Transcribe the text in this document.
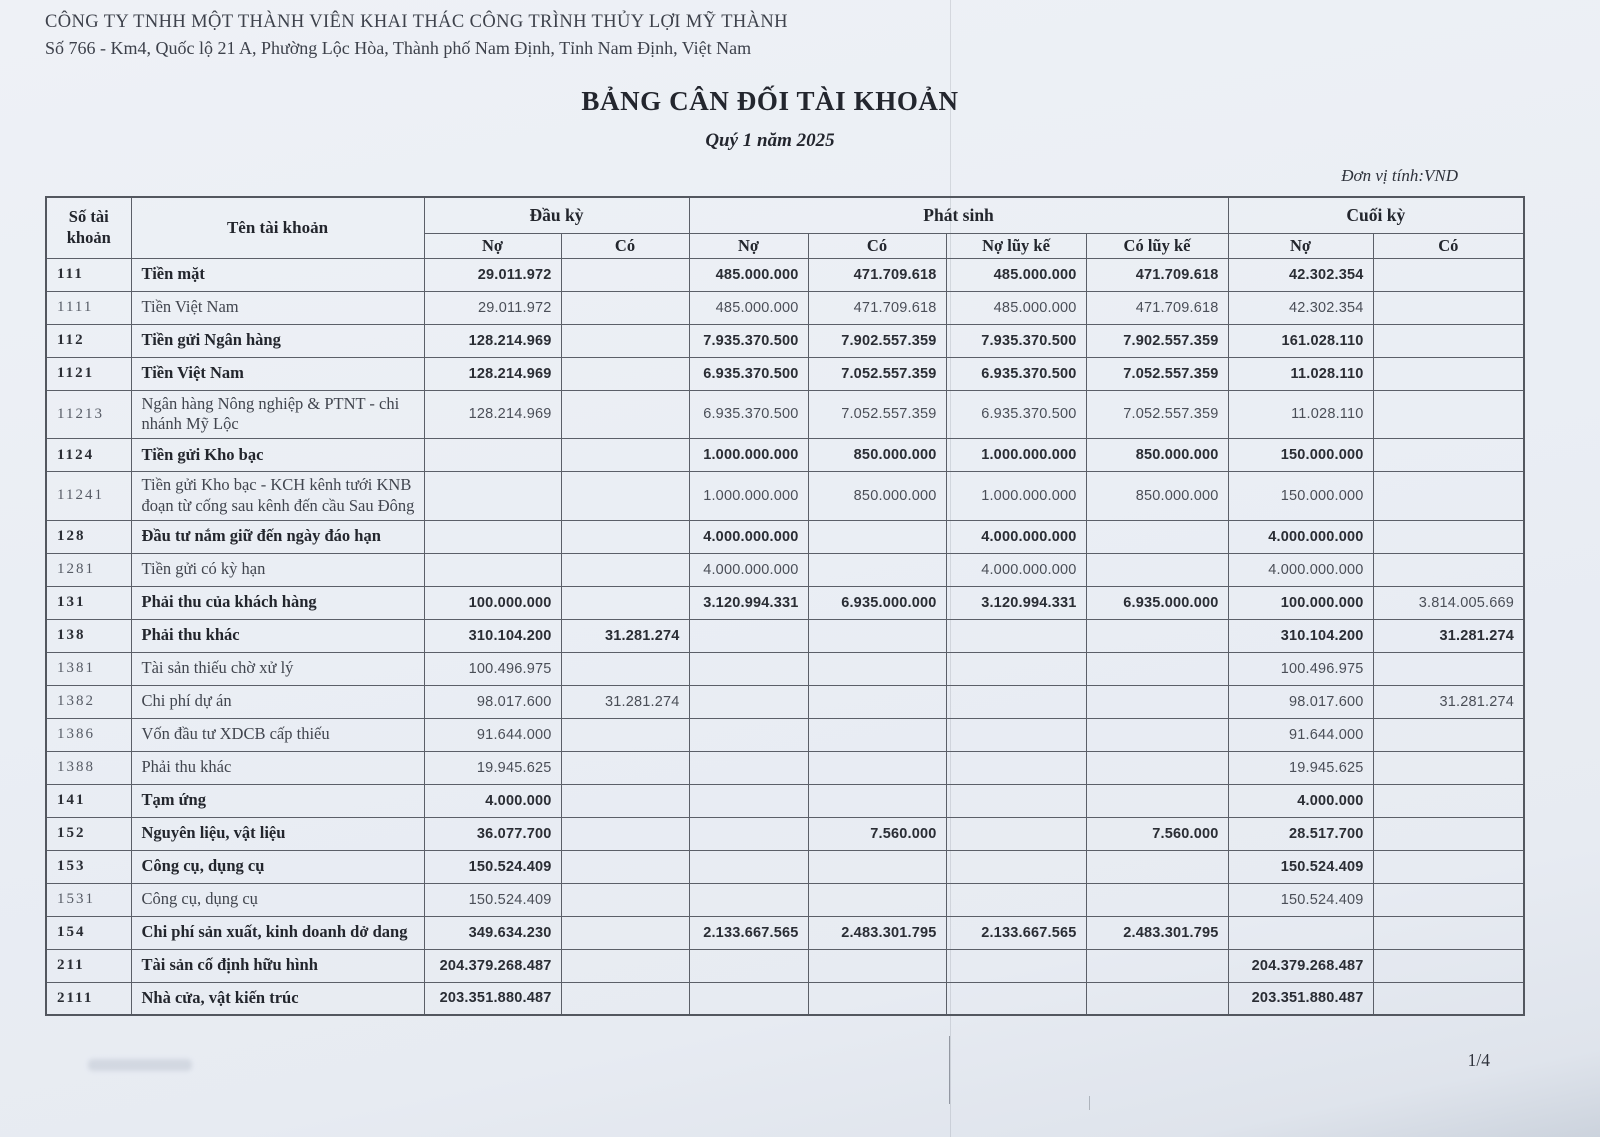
CÔNG TY TNHH MỘT THÀNH VIÊN KHAI THÁC CÔNG TRÌNH THỦY LỢI MỸ THÀNH
Số 766 - Km4, Quốc lộ 21 A, Phường Lộc Hòa, Thành phố Nam Định, Tỉnh Nam Định, Việt Nam
BẢNG CÂN ĐỐI TÀI KHOẢN
Quý 1 năm 2025
Đơn vị tính:VND
Số tài khoản	Tên tài khoản	Đầu kỳ		Phát sinh				Cuối kỳ	
		Nợ	Có	Nợ	Có	Nợ lũy kế	Có lũy kế	Nợ	Có
111	Tiền mặt	29.011.972		485.000.000	471.709.618	485.000.000	471.709.618	42.302.354	
1111	Tiền Việt Nam	29.011.972		485.000.000	471.709.618	485.000.000	471.709.618	42.302.354	
112	Tiền gửi Ngân hàng	128.214.969		7.935.370.500	7.902.557.359	7.935.370.500	7.902.557.359	161.028.110	
1121	Tiền Việt Nam	128.214.969		6.935.370.500	7.052.557.359	6.935.370.500	7.052.557.359	11.028.110	
11213	Ngân hàng Nông nghiệp & PTNT - chi nhánh Mỹ Lộc	128.214.969		6.935.370.500	7.052.557.359	6.935.370.500	7.052.557.359	11.028.110	
1124	Tiền gửi Kho bạc			1.000.000.000	850.000.000	1.000.000.000	850.000.000	150.000.000	
11241	Tiền gửi Kho bạc - KCH kênh tưới KNB đoạn từ cống sau kênh đến cầu Sau Đông			1.000.000.000	850.000.000	1.000.000.000	850.000.000	150.000.000	
128	Đầu tư nắm giữ đến ngày đáo hạn			4.000.000.000		4.000.000.000		4.000.000.000	
1281	Tiền gửi có kỳ hạn			4.000.000.000		4.000.000.000		4.000.000.000	
131	Phải thu của khách hàng	100.000.000		3.120.994.331	6.935.000.000	3.120.994.331	6.935.000.000	100.000.000	3.814.005.669
138	Phải thu khác	310.104.200	31.281.274					310.104.200	31.281.274
1381	Tài sản thiếu chờ xử lý	100.496.975						100.496.975	
1382	Chi phí dự án	98.017.600	31.281.274					98.017.600	31.281.274
1386	Vốn đầu tư XDCB cấp thiếu	91.644.000						91.644.000	
1388	Phải thu khác	19.945.625						19.945.625	
141	Tạm ứng	4.000.000						4.000.000	
152	Nguyên liệu, vật liệu	36.077.700			7.560.000		7.560.000	28.517.700	
153	Công cụ, dụng cụ	150.524.409						150.524.409	
1531	Công cụ, dụng cụ	150.524.409						150.524.409	
154	Chi phí sản xuất, kinh doanh dở dang	349.634.230		2.133.667.565	2.483.301.795	2.133.667.565	2.483.301.795		
211	Tài sản cố định hữu hình	204.379.268.487						204.379.268.487	
2111	Nhà cửa, vật kiến trúc	203.351.880.487						203.351.880.487	
1/4
